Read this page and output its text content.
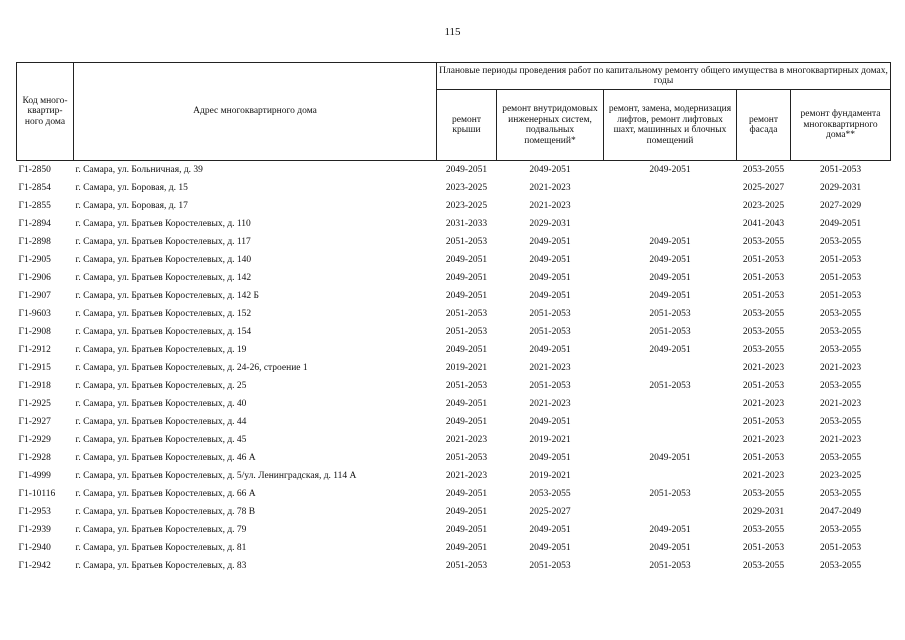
115
Код много-квартир-ного дома	Адрес многоквартирного дома	Плановые периоды проведения работ по капитальному ремонту общего имущества в многоквартирных домах, годы				
		ремонт крыши	ремонт внутридомовых инженерных систем, подвальных помещений*	ремонт, замена, модернизация лифтов, ремонт лифтовых шахт, машинных и блочных помещений	ремонт фасада	ремонт фундамента многоквартирного дома**
Г1-2850	г. Самара, ул. Больничная, д. 39	2049-2051	2049-2051	2049-2051	2053-2055	2051-2053
Г1-2854	г. Самара, ул. Боровая, д. 15	2023-2025	2021-2023		2025-2027	2029-2031
Г1-2855	г. Самара, ул. Боровая, д. 17	2023-2025	2021-2023		2023-2025	2027-2029
Г1-2894	г. Самара, ул. Братьев Коростелевых, д. 110	2031-2033	2029-2031		2041-2043	2049-2051
Г1-2898	г. Самара, ул. Братьев Коростелевых, д. 117	2051-2053	2049-2051	2049-2051	2053-2055	2053-2055
Г1-2905	г. Самара, ул. Братьев Коростелевых, д. 140	2049-2051	2049-2051	2049-2051	2051-2053	2051-2053
Г1-2906	г. Самара, ул. Братьев Коростелевых, д. 142	2049-2051	2049-2051	2049-2051	2051-2053	2051-2053
Г1-2907	г. Самара, ул. Братьев Коростелевых, д. 142 Б	2049-2051	2049-2051	2049-2051	2051-2053	2051-2053
Г1-9603	г. Самара, ул. Братьев Коростелевых, д. 152	2051-2053	2051-2053	2051-2053	2053-2055	2053-2055
Г1-2908	г. Самара, ул. Братьев Коростелевых, д. 154	2051-2053	2051-2053	2051-2053	2053-2055	2053-2055
Г1-2912	г. Самара, ул. Братьев Коростелевых, д. 19	2049-2051	2049-2051	2049-2051	2053-2055	2053-2055
Г1-2915	г. Самара, ул. Братьев Коростелевых, д. 24-26, строение 1	2019-2021	2021-2023		2021-2023	2021-2023
Г1-2918	г. Самара, ул. Братьев Коростелевых, д. 25	2051-2053	2051-2053	2051-2053	2051-2053	2053-2055
Г1-2925	г. Самара, ул. Братьев Коростелевых, д. 40	2049-2051	2021-2023		2021-2023	2021-2023
Г1-2927	г. Самара, ул. Братьев Коростелевых, д. 44	2049-2051	2049-2051		2051-2053	2053-2055
Г1-2929	г. Самара, ул. Братьев Коростелевых, д. 45	2021-2023	2019-2021		2021-2023	2021-2023
Г1-2928	г. Самара, ул. Братьев Коростелевых, д. 46 А	2051-2053	2049-2051	2049-2051	2051-2053	2053-2055
Г1-4999	г. Самара, ул. Братьев Коростелевых, д. 5/ул. Ленинградская, д. 114 А	2021-2023	2019-2021		2021-2023	2023-2025
Г1-10116	г. Самара, ул. Братьев Коростелевых, д. 66 А	2049-2051	2053-2055	2051-2053	2053-2055	2053-2055
Г1-2953	г. Самара, ул. Братьев Коростелевых, д. 78 В	2049-2051	2025-2027		2029-2031	2047-2049
Г1-2939	г. Самара, ул. Братьев Коростелевых, д. 79	2049-2051	2049-2051	2049-2051	2053-2055	2053-2055
Г1-2940	г. Самара, ул. Братьев Коростелевых, д. 81	2049-2051	2049-2051	2049-2051	2051-2053	2051-2053
Г1-2942	г. Самара, ул. Братьев Коростелевых, д. 83	2051-2053	2051-2053	2051-2053	2053-2055	2053-2055
